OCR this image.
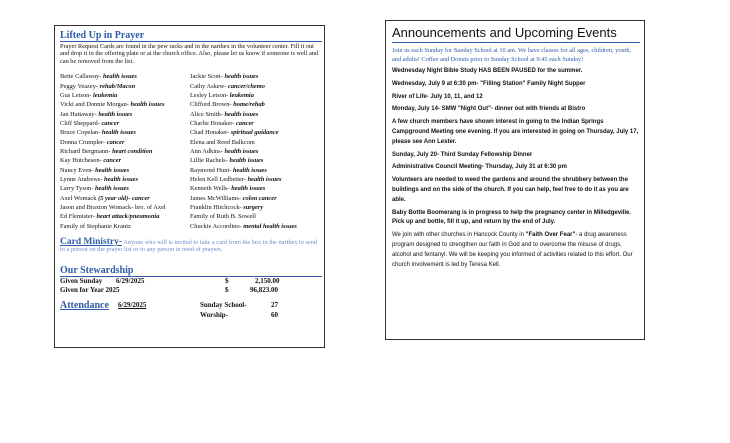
Lifted Up in Prayer
Prayer Request Cards are found in the pew racks and in the narthex in the volunteer center. Fill it out and drop it in the offering plate or at the church office. Also, please let us know if someone is well and can be removed from the list.
Bette Callaway- health issues	Jackie Scott- health issues
Peggy Veazey- rehab/Macon	Cathy Askew- cancer/chemo
Gus Letson- leukemia	Lesley Letson- leukemia
Vicki and Donnie Morgan- health issues	Clifford Brown- home/rehab
Jan Hattaway- health issues	Alice Smith- health issues
Cliff Sheppard- cancer	Charlie Honaker- cancer
Bruce Copelan- health issues	Chad Honaker- spiritual guidance
Donna Crumpler- cancer	Elena and Reed Balkcom
Richard Bergmann- heart condition	Ann Adkins- health issues
Kay Hutcheson- cancer	Lillie Rachels- health issues
Nancy Even- health issues	Raymond Hunt- health issues
Lynne Andrews- health issues	Helen Kell Ledbetter- health issues
Larry Tyson- health issues	Kenneth Wells- health issues
Axel Womack (5 year old)- cancer	James McWilliams- colon cancer
Jason and Braxton Womack- bro. of Axel	Franklin Hitchcock- surgery
Ed Flemister- heart attack/pneumonia	Family of Ruth B. Sowell
Family of Stephanie Krantz	Chuckie Accordino- mental health issues
Card Ministry- Anyone who will is invited to take a card from the box in the narthex to send to a person on the prayer list or to any person in need of prayers.
Our Stewardship
Given Sunday 6/29/2025	$	2,150.00
Given for Year 2025	$	96,823.00
Attendance 6/29/2025	Sunday School-	27
Worship-	60
Announcements and Upcoming Events
Join us each Sunday for Sunday School at 10 am. We have classes for all ages, children, youth, and adults! Coffee and Donuts prior to Sunday School at 9:45 each Sunday!
Wednesday Night Bible Study HAS BEEN PAUSED for the summer.
Wednesday, July 9 at 6:30 pm- "Filling Station" Family Night Supper
River of Life- July 10, 11, and 12
Monday, July 14- SMW "Night Out"- dinner out with friends at Bistro
A few church members have shown interest in going to the Indian Springs Campground Meeting one evening. If you are interested in going on Thursday, July 17, please see Ann Lester.
Sunday, July 20- Third Sunday Fellowship Dinner
Administrative Council Meeting- Thursday, July 31 at 6:30 pm
Volunteers are needed to weed the gardens and around the shrubbery between the buildings and on the side of the church. If you can help, feel free to do it as you are able.
Baby Bottle Boomerang is in progress to help the pregnancy center in Milledgeville. Pick up and bottle, fill it up, and return by the end of July.
We join with other churches in Hancock County in "Faith Over Fear"- a drug awareness program designed to strengthen our faith in God and to overcome the misuse of drugs, alcohol and fentanyl. We will be keeping you informed of activities related to this effort. Our church involvement is led by Teresa Kell.
